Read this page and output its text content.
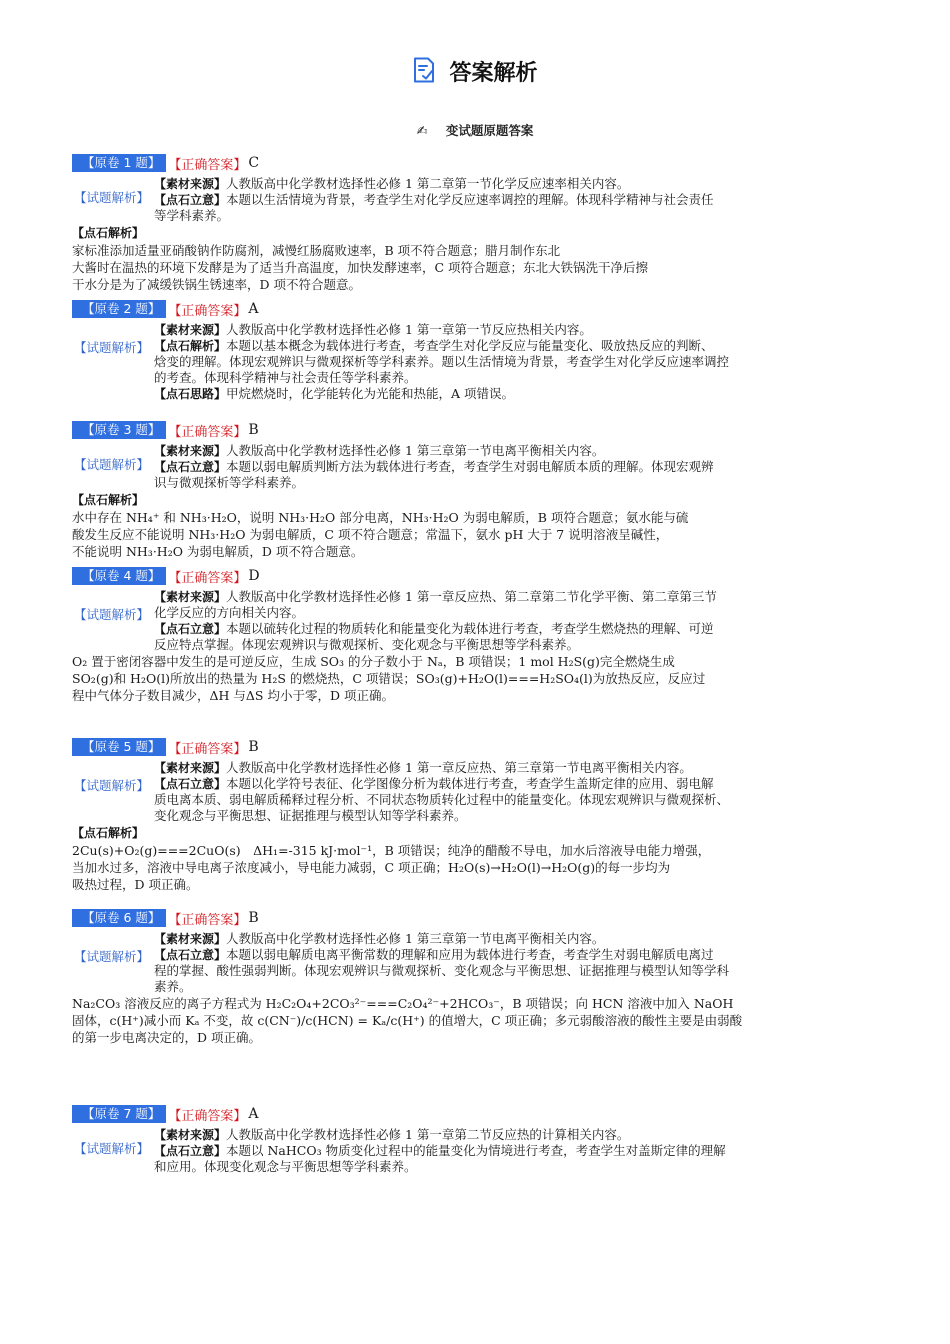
答案解析
✍ 变试题原题答案
【原卷 1 题】 【正确答案】 C
【试题解析】
【素材来源】人教版高中化学教材选择性必修 1 第二章第一节化学反应速率相关内容。
【点石立意】本题以生活情境为背景，考查学生对化学反应速率调控的理解。体现科学精神与社会责任
等学科素养。
【点石解析】
家标准添加适量亚硝酸钠作防腐剂，减慢红肠腐败速率，B 项不符合题意；腊月制作东北
大酱时在温热的环境下发酵是为了适当升高温度，加快发酵速率，C 项符合题意；东北大铁锅洗干净后擦
干水分是为了减缓铁锅生锈速率，D 项不符合题意。
【原卷 2 题】 【正确答案】 A
【试题解析】
【素材来源】人教版高中化学教材选择性必修 1 第一章第一节反应热相关内容。
【点石解析】本题以基本概念为载体进行考查，考查学生对化学反应与能量变化、吸放热反应的判断、
焓变的理解。体现宏观辨识与微观探析等学科素养。题以生活情境为背景，考查学生对化学反应速率调控
的考查。体现科学精神与社会责任等学科素养。
【点石思路】甲烷燃烧时，化学能转化为光能和热能，A 项错误。
【原卷 3 题】 【正确答案】 B
【试题解析】
【素材来源】人教版高中化学教材选择性必修 1 第三章第一节电离平衡相关内容。
【点石立意】本题以弱电解质判断方法为载体进行考查，考查学生对弱电解质本质的理解。体现宏观辨
识与微观探析等学科素养。
【点石解析】
水中存在 NH₄⁺ 和 NH₃·H₂O，说明 NH₃·H₂O 部分电离，NH₃·H₂O 为弱电解质，B 项符合题意；氨水能与硫
酸发生反应不能说明 NH₃·H₂O 为弱电解质，C 项不符合题意；常温下，氨水 pH 大于 7 说明溶液呈碱性，
不能说明 NH₃·H₂O 为弱电解质，D 项不符合题意。
【原卷 4 题】 【正确答案】 D
【试题解析】
【素材来源】人教版高中化学教材选择性必修 1 第一章反应热、第二章第二节化学平衡、第二章第三节
化学反应的方向相关内容。
【点石立意】本题以硫转化过程的物质转化和能量变化为载体进行考查，考查学生燃烧热的理解、可逆
反应特点掌握。体现宏观辨识与微观探析、变化观念与平衡思想等学科素养。
O₂ 置于密闭容器中发生的是可逆反应，生成 SO₃ 的分子数小于 Nₐ，B 项错误；1 mol H₂S(g)完全燃烧生成
SO₂(g)和 H₂O(l)所放出的热量为 H₂S 的燃烧热，C 项错误；SO₃(g)+H₂O(l)===H₂SO₄(l)为放热反应，反应过
程中气体分子数目减少，ΔH 与ΔS 均小于零，D 项正确。
【原卷 5 题】 【正确答案】 B
【试题解析】
【素材来源】人教版高中化学教材选择性必修 1 第一章反应热、第三章第一节电离平衡相关内容。
【点石立意】本题以化学符号表征、化学图像分析为载体进行考查，考查学生盖斯定律的应用、弱电解
质电离本质、弱电解质稀释过程分析、不同状态物质转化过程中的能量变化。体现宏观辨识与微观探析、
变化观念与平衡思想、证据推理与模型认知等学科素养。
【点石解析】
2Cu(s)+O₂(g)===2CuO(s)　ΔH₁=-315 kJ·mol⁻¹，B 项错误；纯净的醋酸不导电，加水后溶液导电能力增强，
当加水过多，溶液中导电离子浓度减小，导电能力减弱，C 项正确；H₂O(s)→H₂O(l)→H₂O(g)的每一步均为
吸热过程，D 项正确。
【原卷 6 题】 【正确答案】 B
【试题解析】
【素材来源】人教版高中化学教材选择性必修 1 第三章第一节电离平衡相关内容。
【点石立意】本题以弱电解质电离平衡常数的理解和应用为载体进行考查，考查学生对弱电解质电离过
程的掌握、酸性强弱判断。体现宏观辨识与微观探析、变化观念与平衡思想、证据推理与模型认知等学科
素养。
Na₂CO₃ 溶液反应的离子方程式为 H₂C₂O₄+2CO₃²⁻===C₂O₄²⁻+2HCO₃⁻，B 项错误；向 HCN 溶液中加入 NaOH
固体，c(H⁺)减小而 Kₐ 不变，故 c(CN⁻)/c(HCN) = Kₐ/c(H⁺) 的值增大，C 项正确；多元弱酸溶液的酸性主要是由弱酸
的第一步电离决定的，D 项正确。
【原卷 7 题】 【正确答案】 A
【试题解析】
【素材来源】人教版高中化学教材选择性必修 1 第一章第二节反应热的计算相关内容。
【点石立意】本题以 NaHCO₃ 物质变化过程中的能量变化为情境进行考查，考查学生对盖斯定律的理解
和应用。体现变化观念与平衡思想等学科素养。
